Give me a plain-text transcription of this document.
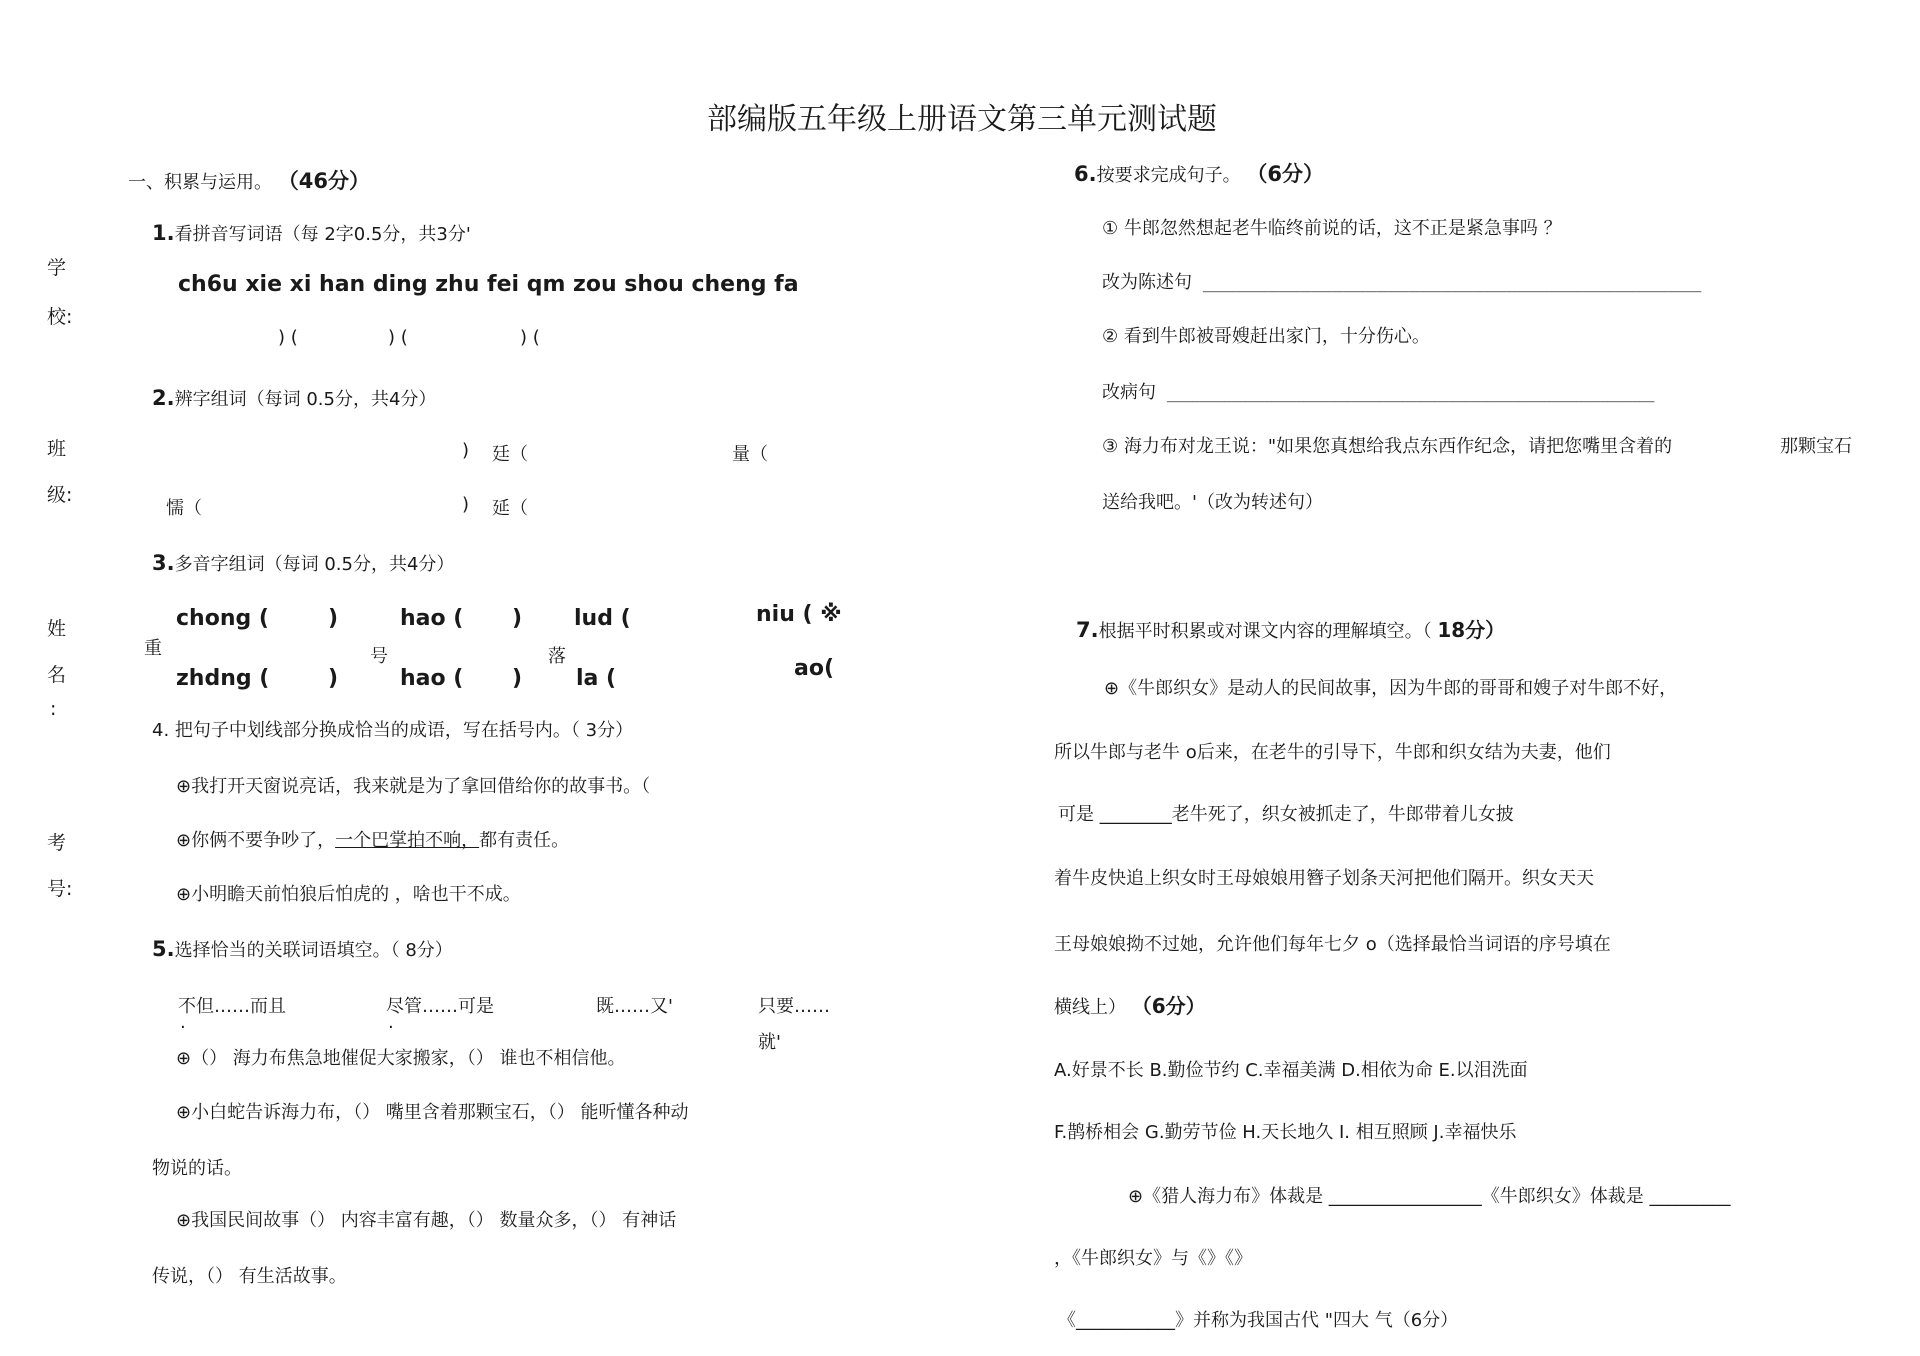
部编版五年级上册语文第三单元测试题
学
校:
班
级:
姓
名
:
考
号:
一、积累与运用。 （46分）
1.看拼音写词语（每 2字0.5分，共3分'
ch6u xie xi han ding zhu fei qm zou shou cheng fa
) (	) (	) (
2.辨字组词（每词 0.5分，共4分）
) 廷（	量（
懦（	) 延（
3.多音字组词（每词 0.5分，共4分）
chong (	)	hao ( ) lud (	niu ( ※
重	号	落
zhdng (	)	hao ( ) la (	ao(
4. 把句子中划线部分换成恰当的成语，写在括号内。（ 3分）
⊕我打开天窗说亮话，我来就是为了拿回借给你的故事书。（
⊕你俩不要争吵了，一个巴掌拍不响，都有责任。
⊕小明瞻天前怕狼后怕虎的 ，啥也干不成。
5.选择恰当的关联词语填空。（ 8分）
不但……而且	尽管……可是	既……又'	只要……
就'
.	.
⊕（） 海力布焦急地催促大家搬家，（） 谁也不相信他。
⊕小白蛇告诉海力布，（） 嘴里含着那颗宝石，（） 能听懂各种动
物说的话。
⊕我国民间故事（） 内容丰富有趣，（） 数量众多，（） 有神话
传说，（） 有生活故事。
6.按要求完成句子。 （6分）
① 牛郎忽然想起老牛临终前说的话，这不正是紧急事吗 ？
改为陈述句 ______________________________________________
② 看到牛郎被哥嫂赶出家门，十分伤心。
改病句 _____________________________________________
③ 海力布对龙王说："如果您真想给我点东西作纪念，请把您嘴里含着的	那颗宝石
送给我吧。'（改为转述句）
7.根据平时积累或对课文内容的理解填空。（ 18分）
⊕《牛郎织女》是动人的民间故事，因为牛郎的哥哥和嫂子对牛郎不好，
所以牛郎与老牛 o后来，在老牛的引导下，牛郎和织女结为夫妻，他们
可是 ________老牛死了，织女被抓走了，牛郎带着儿女披
着牛皮快追上织女时王母娘娘用簪子划条天河把他们隔开。织女天天
王母娘娘拗不过她，允许他们每年七夕 o（选择最恰当词语的序号填在
横线上） （6分）
A.好景不长 B.勤俭节约 C.幸福美满 D.相依为命 E.以泪洗面
F.鹊桥相会 G.勤劳节俭 H.天长地久 I. 相互照顾 J.幸福快乐
⊕《猎人海力布》体裁是 _________________《牛郎织女》体裁是 _________
，《牛郎织女》与《》《》
《___________》并称为我国古代 "四大 气（6分）
